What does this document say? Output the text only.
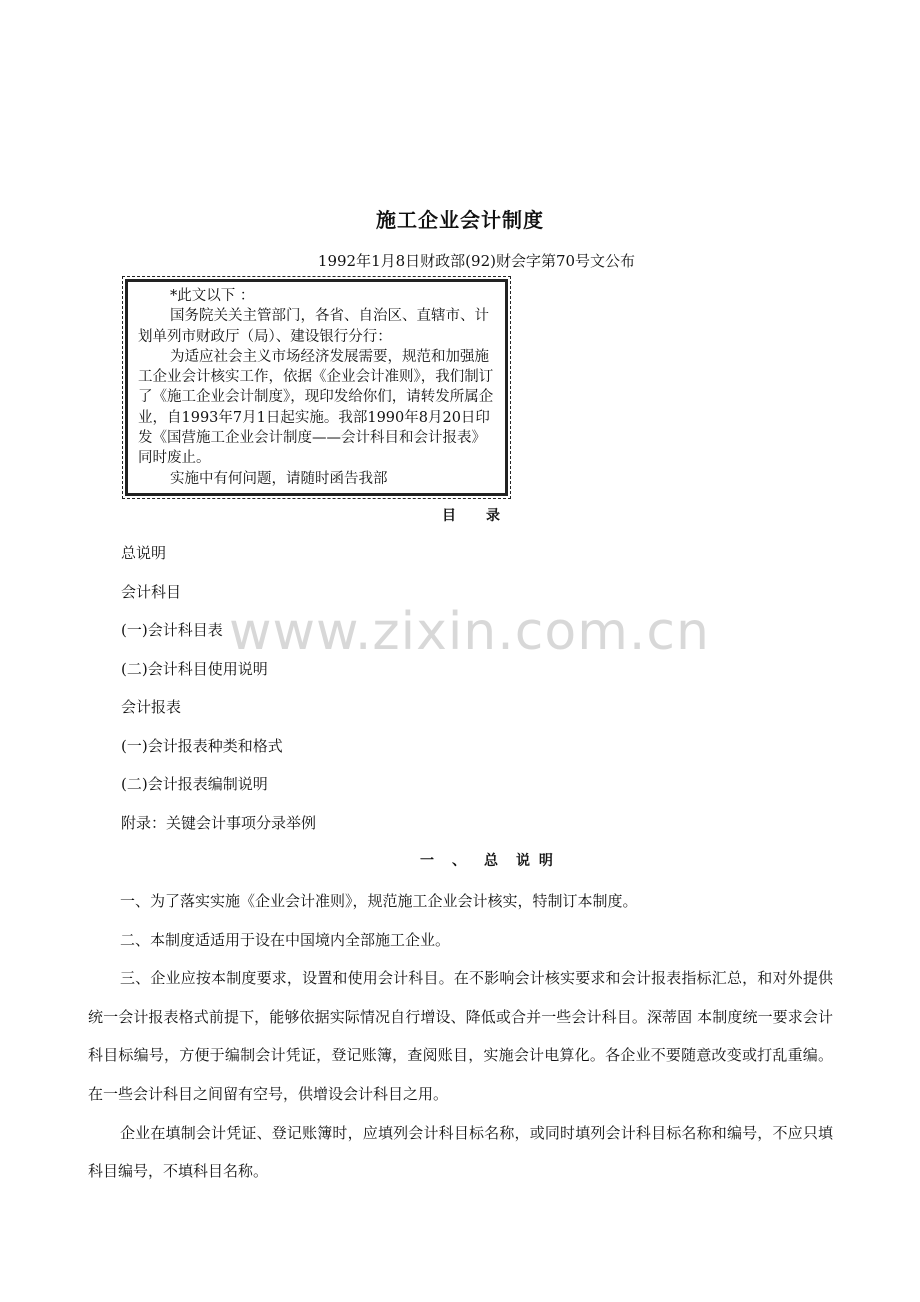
施工企业会计制度
1992年1月8日财政部(92)财会字第70号文公布

*此文以下 ：

国务院关关主管部门，各省、自治区、直辖市、计划单列市财政厅（局）、建设银行分行：

为适应社会主义市场经济发展需要，规范和加强施工企业会计核实工作，依据《企业会计准则》，我们制订了《施工企业会计制度》，现印发给你们，请转发所属企业，自1993年7月1日起实施。我部1990年8月20日印发《国营施工企业会计制度——会计科目和会计报表》同时废止。

实施中有何问题，请随时函告我部

目录
总说明
会计科目
(一)会计科目表
(二)会计科目使用说明
会计报表
(一)会计报表种类和格式
(二)会计报表编制说明
附录：关键会计事项分录举例
www.zixin.com.cn
一、总说 明

一、为了落实实施《企业会计准则》，规范施工企业会计核实，特制订本制度。

二、本制度适适用于设在中国境内全部施工企业。

三、企业应按本制度要求，设置和使用会计科目。在不影响会计核实要求和会计报表指标汇总，和对外提供统一会计报表格式前提下，能够依据实际情况自行增设、降低或合并一些会计科目。深蒂固 本制度统一要求会计科目标编号，方便于编制会计凭证，登记账簿，查阅账目，实施会计电算化。各企业不要随意改变或打乱重编。在一些会计科目之间留有空号，供增设会计科目之用。

企业在填制会计凭证、登记账簿时，应填列会计科目标名称，或同时填列会计科目标名称和编号，不应只填科目编号，不填科目名称。
